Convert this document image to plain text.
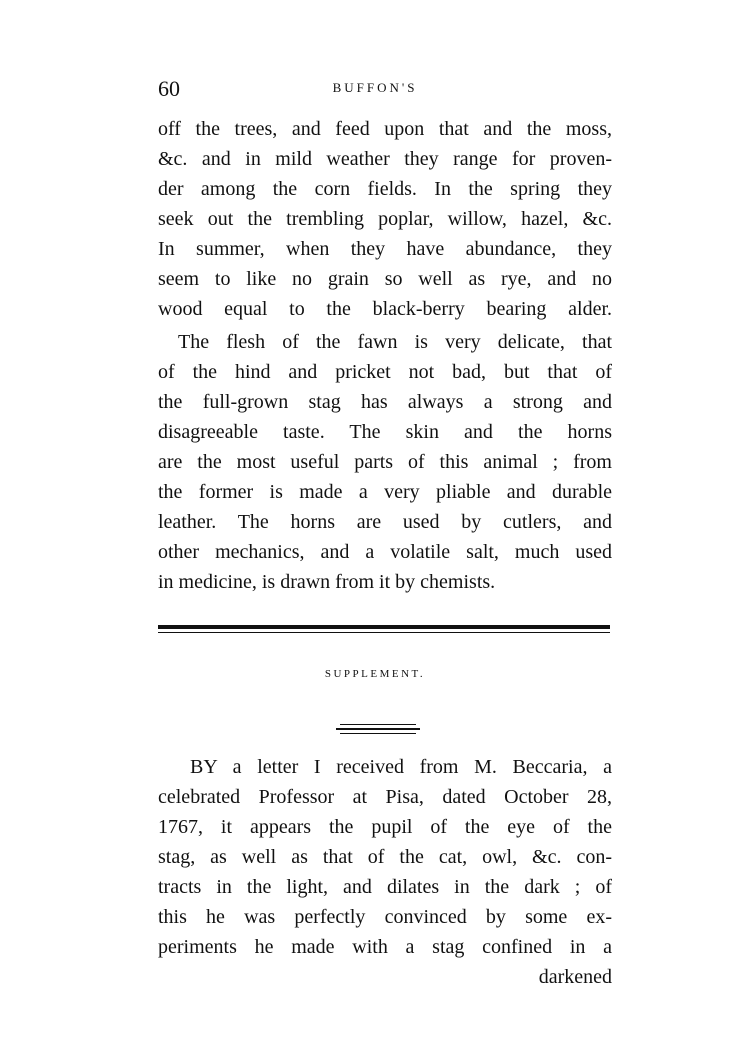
60	BUFFON'S
off the trees, and feed upon that and the moss,
&c. and in mild weather they range for proven-
der among the corn fields. In the spring they
seek out the trembling poplar, willow, hazel, &c.
In summer, when they have abundance, they
seem to like no grain so well as rye, and no
wood equal to the black-berry bearing alder.
The flesh of the fawn is very delicate, that
of the hind and pricket not bad, but that of
the full-grown stag has always a strong and
disagreeable taste. The skin and the horns
are the most useful parts of this animal ; from
the former is made a very pliable and durable
leather. The horns are used by cutlers, and
other mechanics, and a volatile salt, much used
in medicine, is drawn from it by chemists.
SUPPLEMENT.
BY a letter I received from M. Beccaria, a
celebrated Professor at Pisa, dated October 28,
1767, it appears the pupil of the eye of the
stag, as well as that of the cat, owl, &c. con-
tracts in the light, and dilates in the dark ; of
this he was perfectly convinced by some ex-
periments he made with a stag confined in a
darkened
